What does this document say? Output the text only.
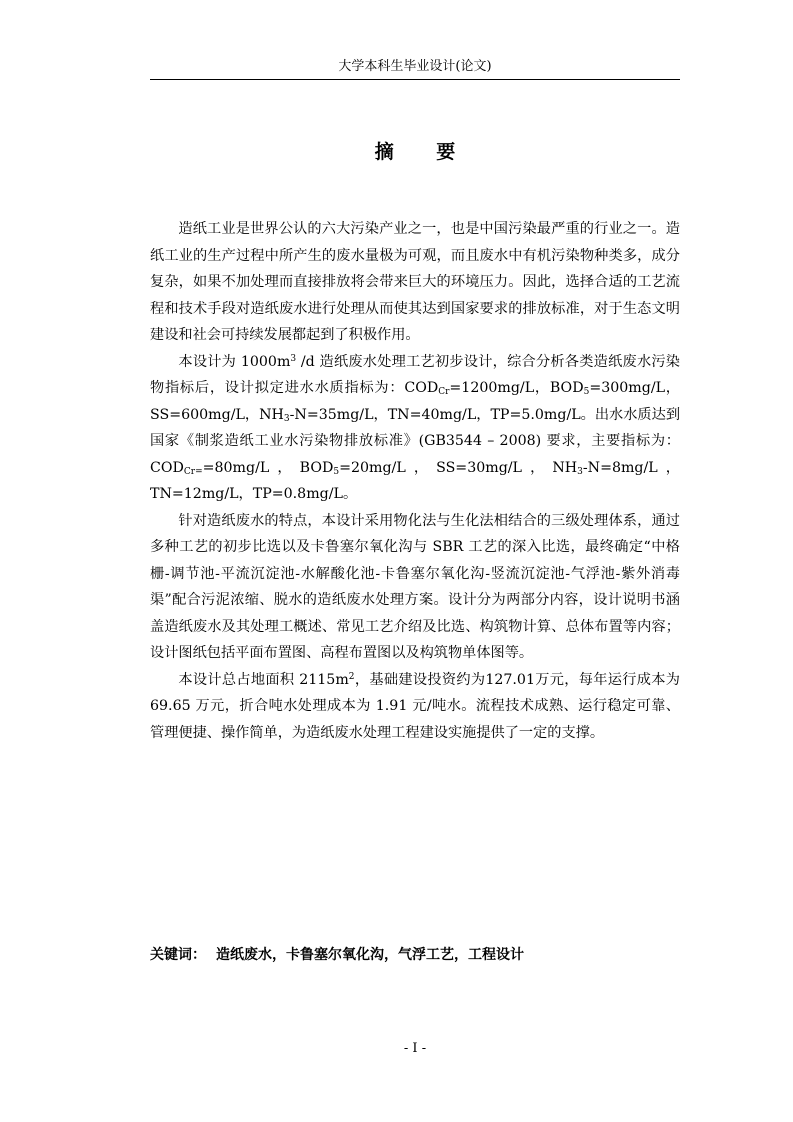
大学本科生毕业设计(论文)
摘 要

造纸工业是世界公认的六大污染产业之一，也是中国污染最严重的行业之一。造纸工业的生产过程中所产生的废水量极为可观，而且废水中有机污染物种类多，成分复杂，如果不加处理而直接排放将会带来巨大的环境压力。因此，选择合适的工艺流程和技术手段对造纸废水进行处理从而使其达到国家要求的排放标准，对于生态文明建设和社会可持续发展都起到了积极作用。

本设计为 $1000m^3$ /d 造纸废水处理工艺初步设计，综合分析各类造纸废水污染物指标后，设计拟定进水水质指标为：$COD_{Cr}=1200mg/L$，$BOD_5=300mg/L$，SS=600mg/L，$NH_3-N=35mg/L$，TN=40mg/L，TP=5.0mg/L。出水水质达到国家《制浆造纸工业水污染物排放标准》(GB3544 – 2008) 要求，主要指标为：$COD_{Cr=}=80mg/L$，$BOD_5=20mg/L$，SS=30mg/L，$NH_3-N=8mg/L$，TN=12mg/L，TP=0.8mg/L。

针对造纸废水的特点，本设计采用物化法与生化法相结合的三级处理体系，通过多种工艺的初步比选以及卡鲁塞尔氧化沟与 SBR 工艺的深入比选，最终确定“中格栅-调节池-平流沉淀池-水解酸化池-卡鲁塞尔氧化沟-竖流沉淀池-气浮池-紫外消毒渠”配合污泥浓缩、脱水的造纸废水处理方案。设计分为两部分内容，设计说明书涵盖造纸废水及其处理工概述、常见工艺介绍及比选、构筑物计算、总体布置等内容；设计图纸包括平面布置图、高程布置图以及构筑物单体图等。

本设计总占地面积 $2115m^2$，基础建设投资约为127.01万元，每年运行成本为 69.65 万元，折合吨水处理成本为 1.91 元/吨水。流程技术成熟、运行稳定可靠、管理便捷、操作简单，为造纸废水处理工程建设实施提供了一定的支撑。

关键词： 造纸废水，卡鲁塞尔氧化沟，气浮工艺，工程设计
- I -
